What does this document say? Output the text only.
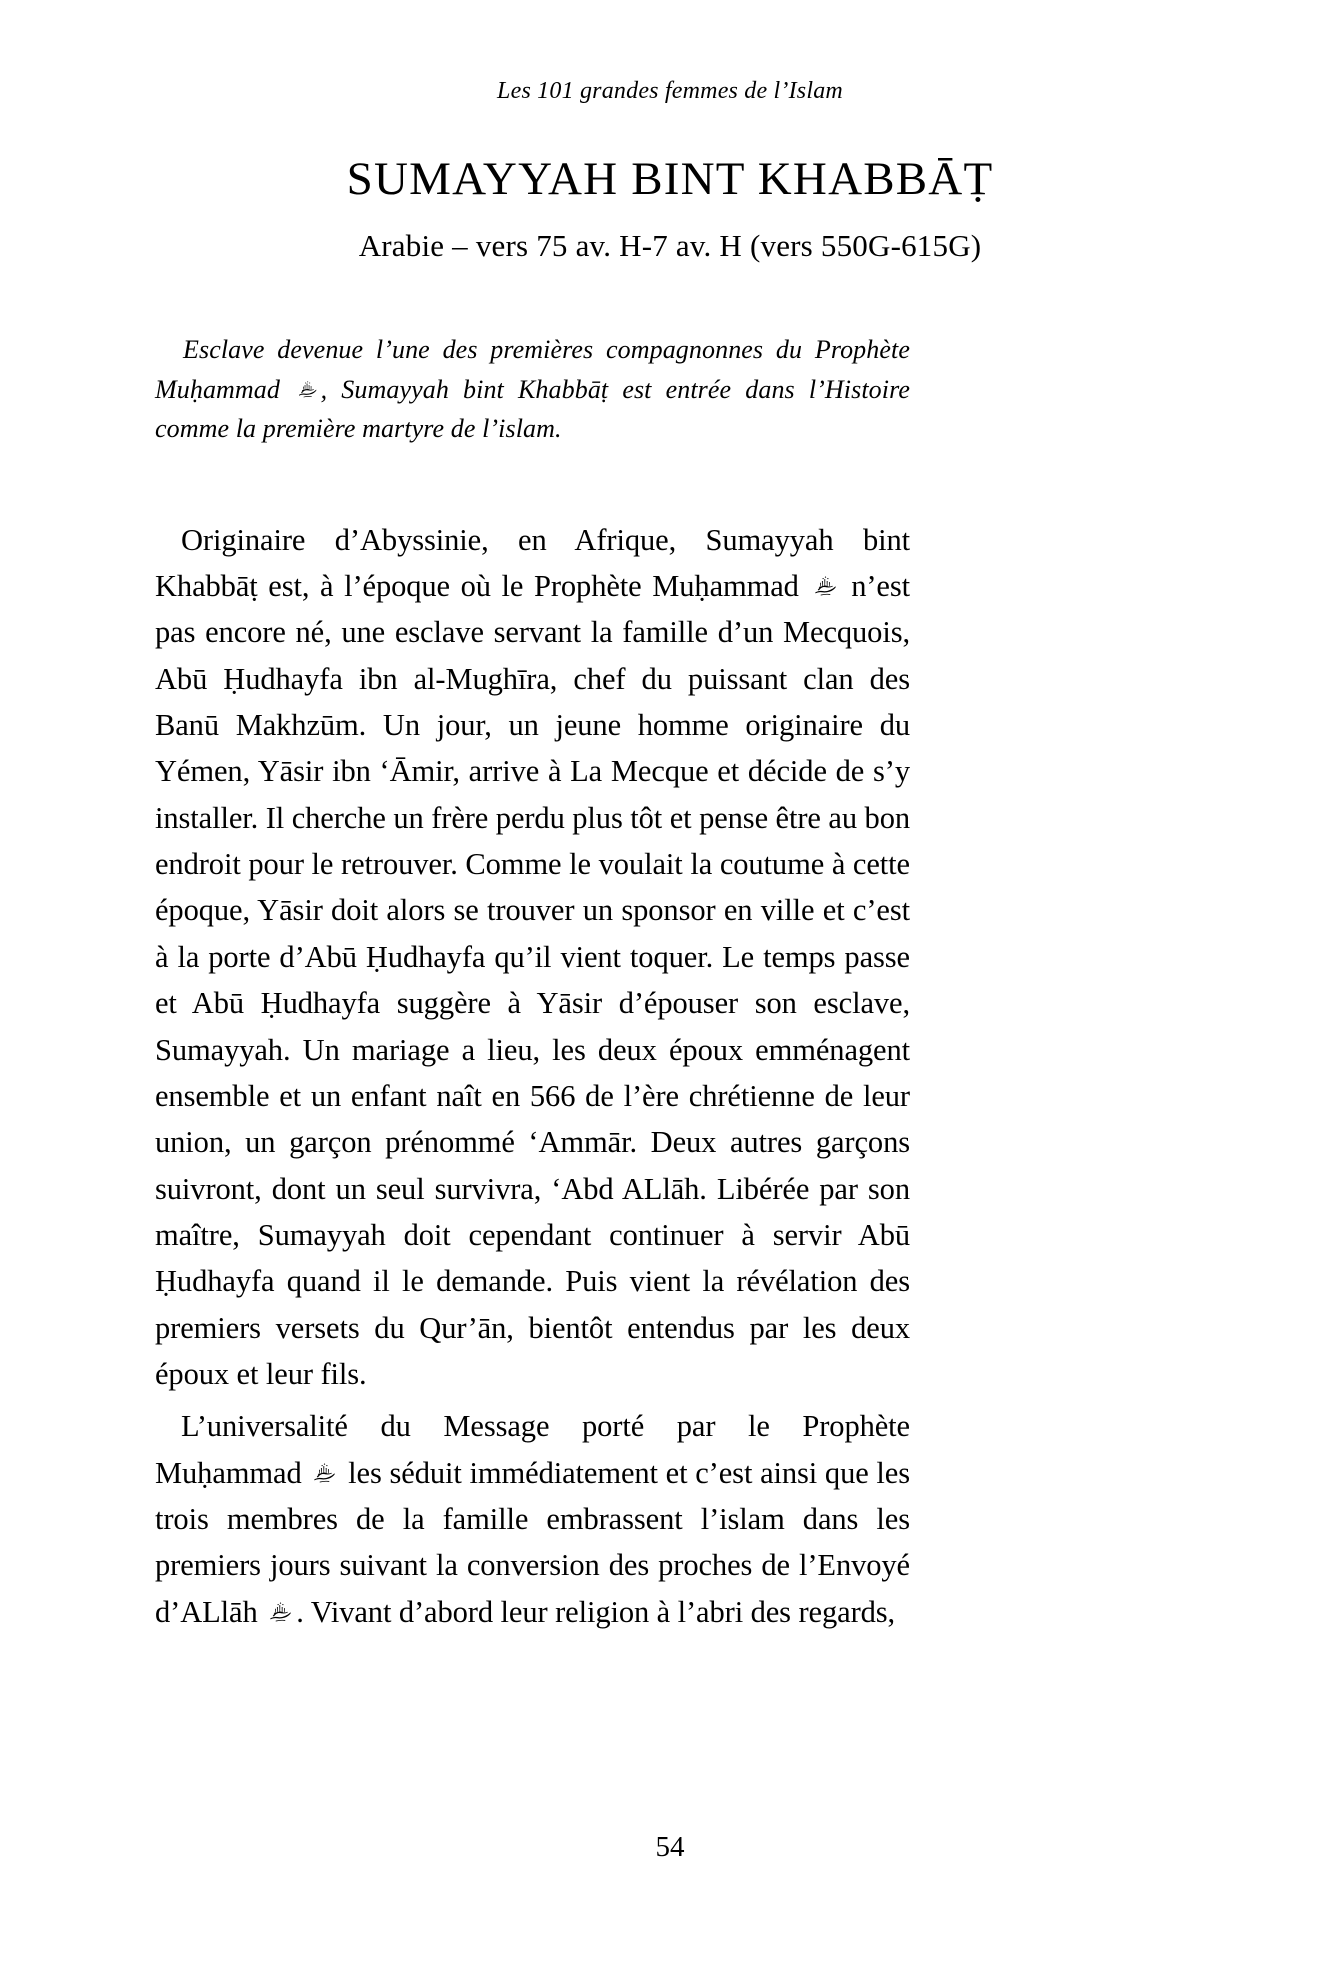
Les 101 grandes femmes de l’Islam
SUMAYYAH BINT KHABBĀṬ
Arabie – vers 75 av. H-7 av. H (vers 550G-615G)

Esclave devenue l’une des premières compagnonnes du Prophète Muḥammad
, Sumayyah bint Khabbāṭ est entrée dans l’Histoire comme la première martyre de l’islam.

Originaire d’Abyssinie, en Afrique, Sumayyah bint Khabbāṭ est, à l’époque où le Prophète Muḥammad
n’est pas encore né, une esclave servant la famille d’un Mecquois, Abū Ḥudhayfa ibn al-Mughīra, chef du puissant clan des Banū Makhzūm. Un jour, un jeune homme originaire du Yémen, Yāsir ibn ʻĀmir, arrive à La Mecque et décide de s’y installer. Il cherche un frère perdu plus tôt et pense être au bon endroit pour le retrouver. Comme le voulait la coutume à cette époque, Yāsir doit alors se trouver un sponsor en ville et c’est à la porte d’Abū Ḥudhayfa qu’il vient toquer. Le temps passe et Abū Ḥudhayfa suggère à Yāsir d’épouser son esclave, Sumayyah. Un mariage a lieu, les deux époux emménagent ensemble et un enfant naît en 566 de l’ère chrétienne de leur union, un garçon prénommé ʻAmmār. Deux autres garçons suivront, dont un seul survivra, ʻAbd ALlāh. Libérée par son maître, Sumayyah doit cependant continuer à servir Abū Ḥudhayfa quand il le demande. Puis vient la révélation des premiers versets du Qur’ān, bientôt entendus par les deux époux et leur fils.

L’universalité du Message porté par le Prophète Muḥammad
les séduit immédiatement et c’est ainsi que les trois membres de la famille embrassent l’islam dans les premiers jours suivant la conversion des proches de l’Envoyé d’ALlāh
. Vivant d’abord leur religion à l’abri des regards,

54
